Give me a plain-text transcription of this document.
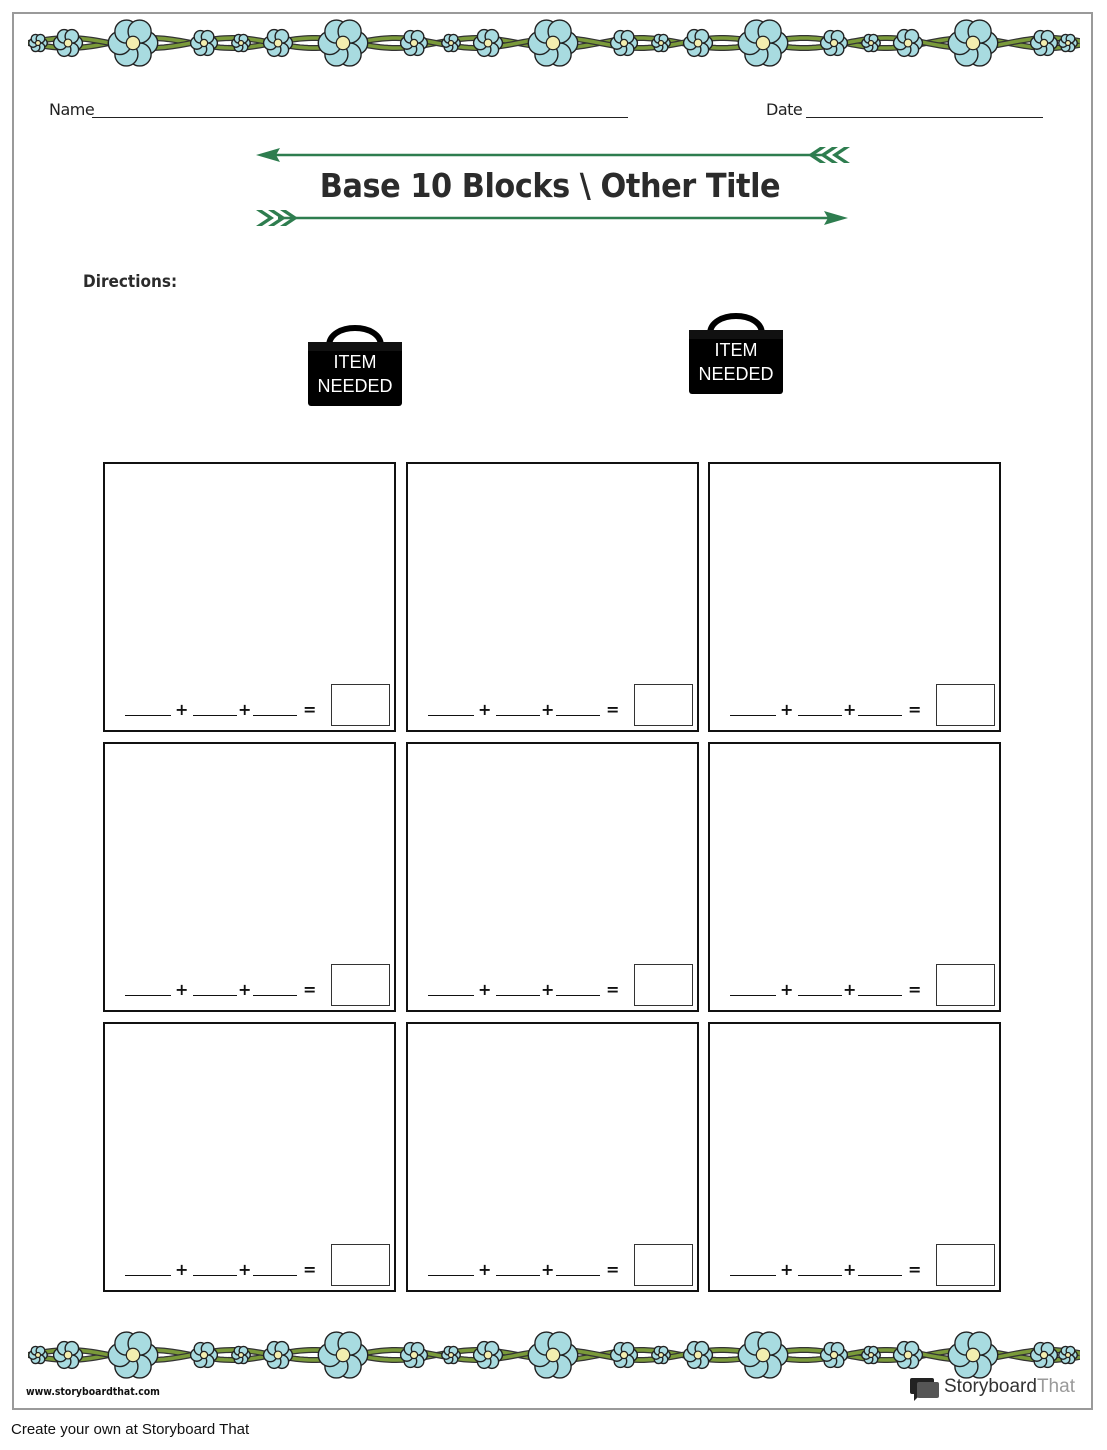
Name	Date
Base 10 Blocks \ Other Title
Directions:
ITEM
NEEDED
ITEM
NEEDED
+	+	=	+	+	=	+	+	=
+	+	=	+	+	=	+	+	=
+	+	=	+	+	=	+	+	=
www.storyboardthat.com	StoryboardThat
Create your own at Storyboard That
